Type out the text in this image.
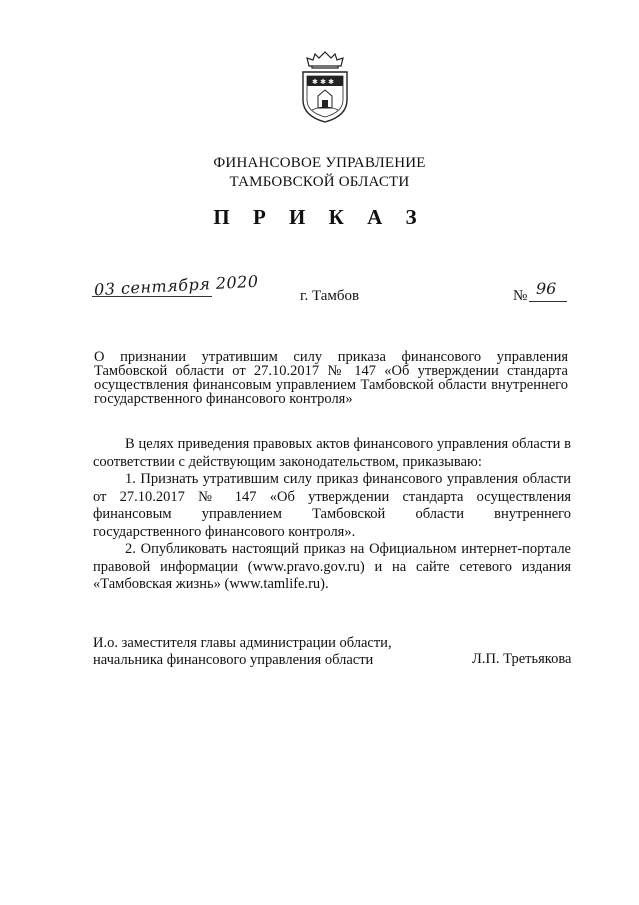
✱ ✱ ✱
ФИНАНСОВОЕ УПРАВЛЕНИЕ
ТАМБОВСКОЙ ОБЛАСТИ
П Р И К А З
03 сентября 2020	г. Тамбов	№ 96
О признании утратившим силу приказа финансового управления Тамбовской области от 27.10.2017 № 147 «Об утверждении стандарта осуществления финансовым управлением Тамбовской области внутреннего государственного финансового контроля»

В целях приведения правовых актов финансового управления области в соответствии с действующим законодательством, приказываю:

1. Признать утратившим силу приказ финансового управления области от 27.10.2017 № 147 «Об утверждении стандарта осуществления финансовым управлением Тамбовской области внутреннего государственного финансового контроля».

2. Опубликовать настоящий приказ на Официальном интернет-портале правовой информации (www.pravo.gov.ru) и на сайте сетевого издания «Тамбовская жизнь» (www.tamlife.ru).

И.о. заместителя главы администрации области,
начальника финансового управления области	Л.П. Третьякова
